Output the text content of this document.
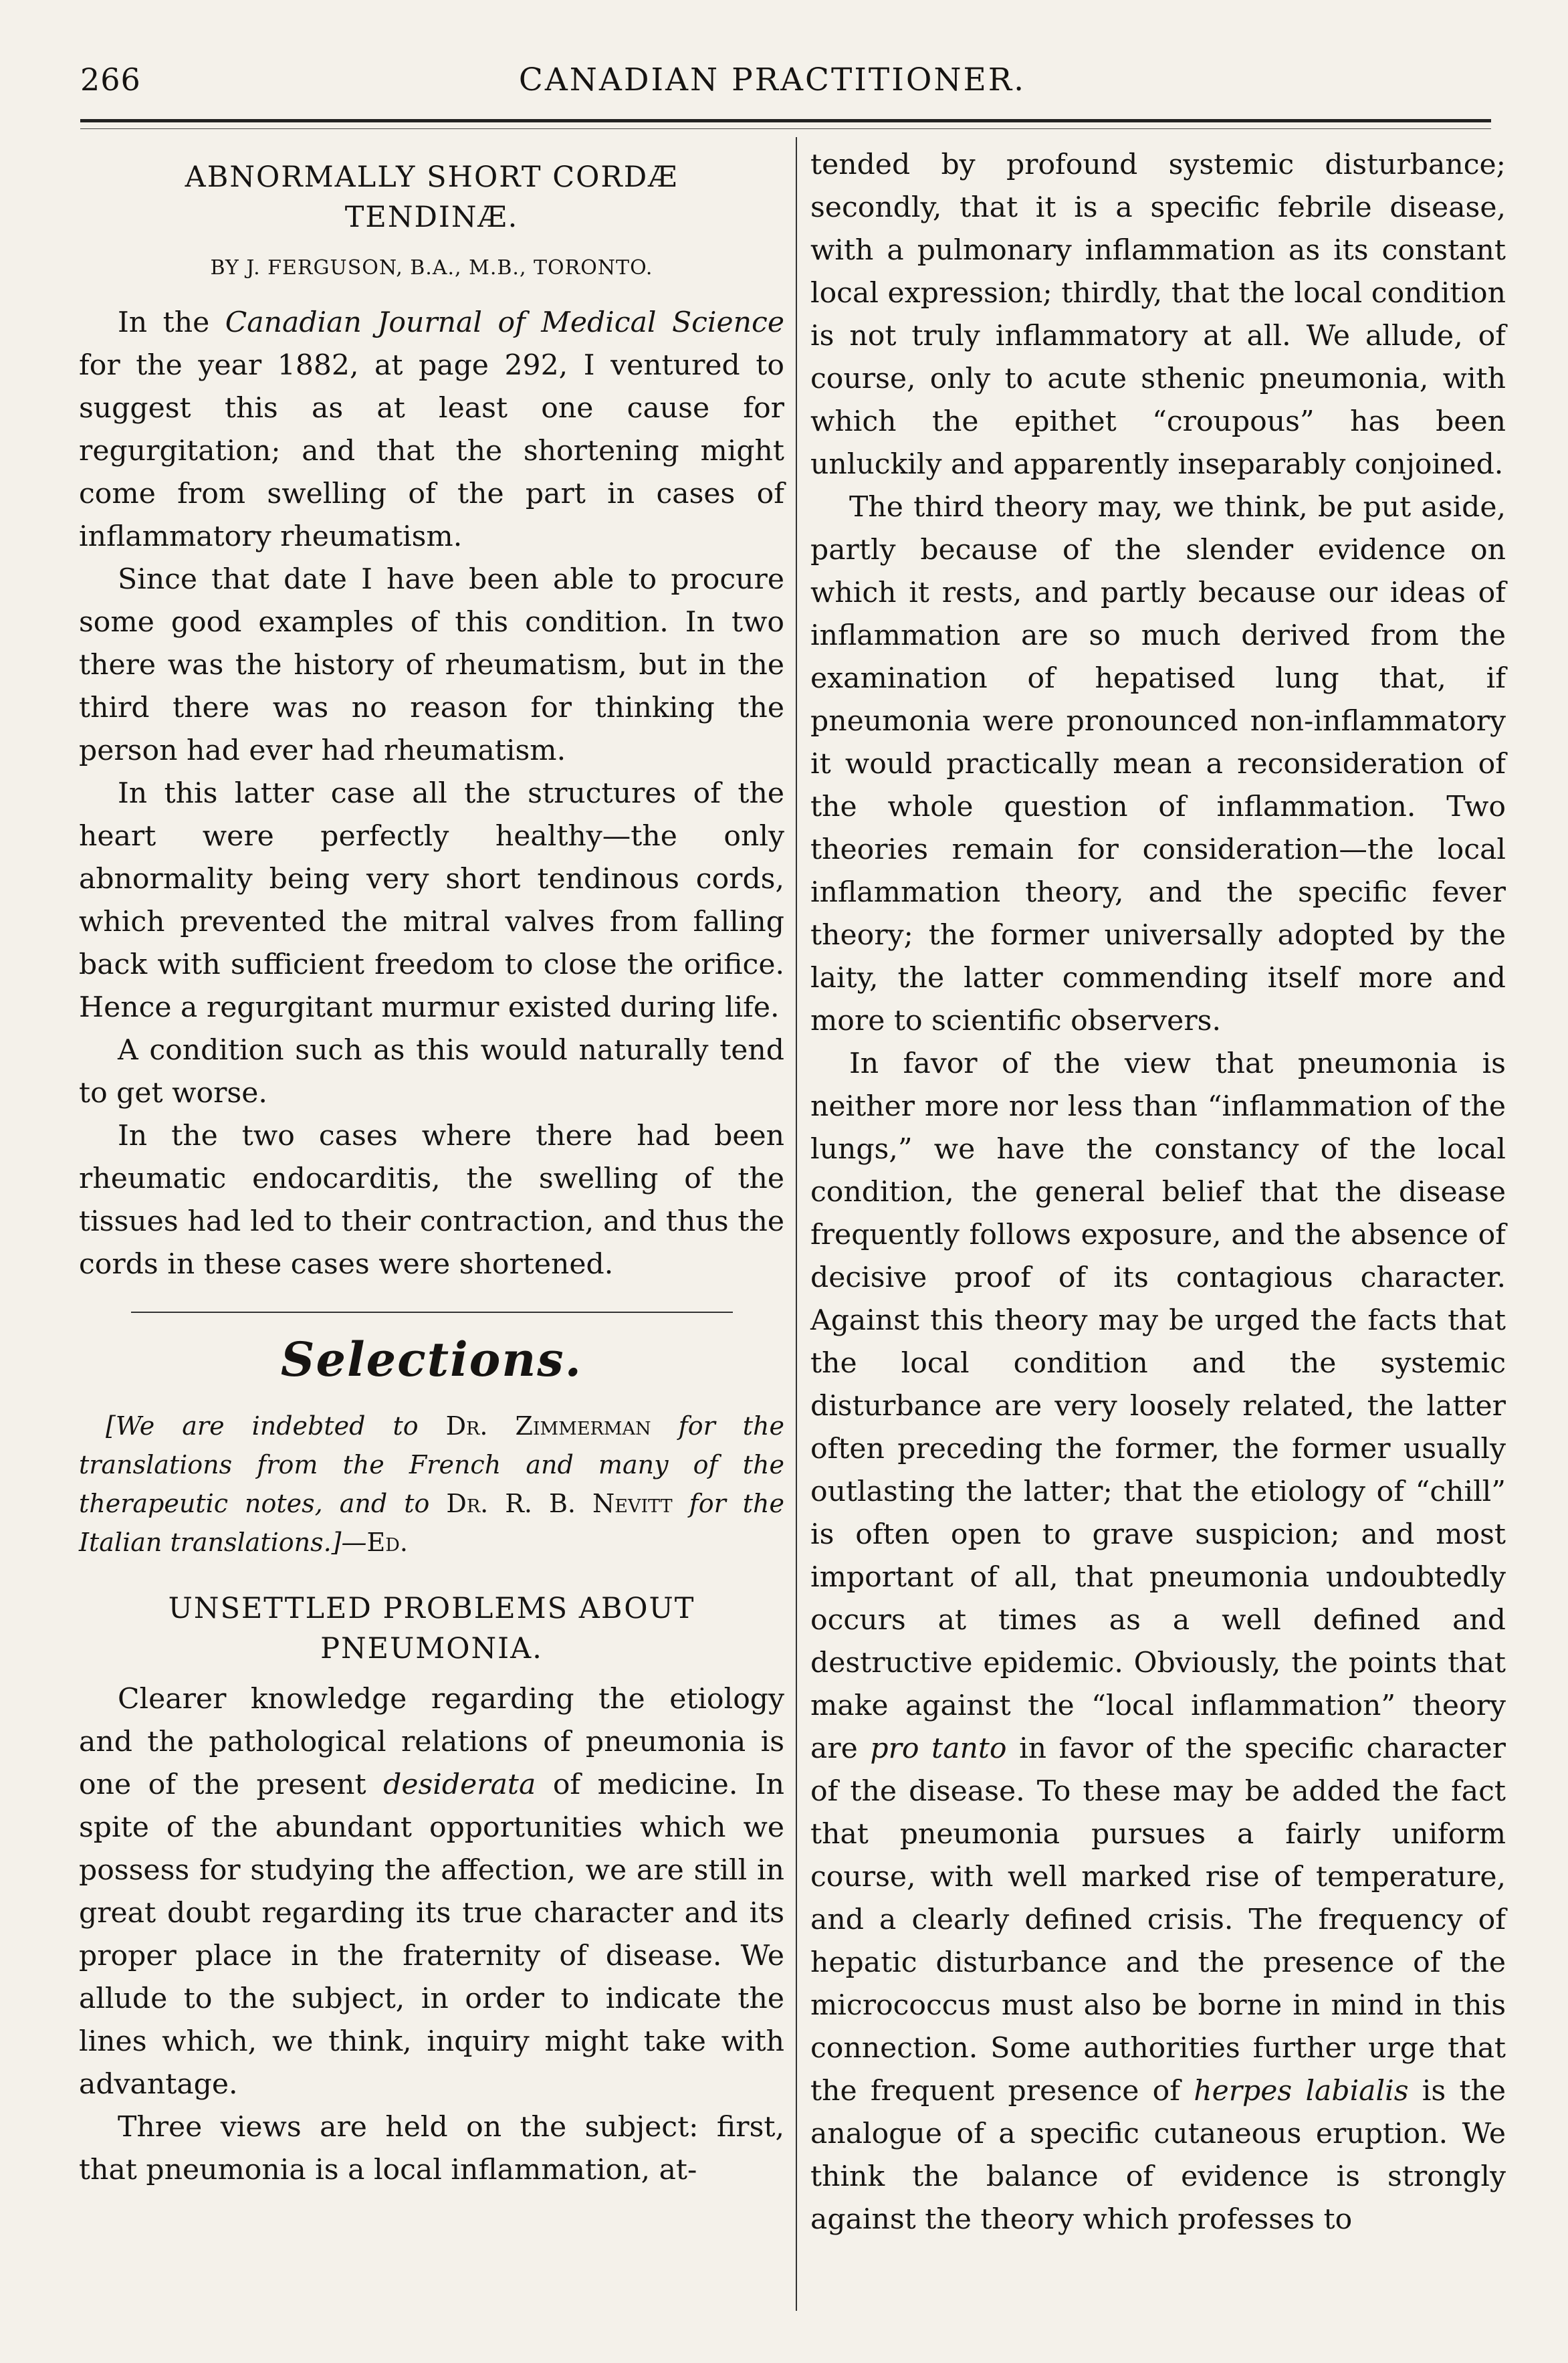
266	CANADIAN PRACTITIONER.
ABNORMALLY SHORT CORDÆ TENDINÆ.
BY J. FERGUSON, B.A., M.B., TORONTO.

In the Canadian Journal of Medical Science for the year 1882, at page 292, I ventured to suggest this as at least one cause for regurgitation; and that the shortening might come from swelling of the part in cases of inflammatory rheumatism.

Since that date I have been able to procure some good examples of this condition. In two there was the history of rheumatism, but in the third there was no reason for thinking the person had ever had rheumatism.

In this latter case all the structures of the heart were perfectly healthy—the only abnormality being very short tendinous cords, which prevented the mitral valves from falling back with sufficient freedom to close the orifice. Hence a regurgitant murmur existed during life.

A condition such as this would naturally tend to get worse.

In the two cases where there had been rheumatic endocarditis, the swelling of the tissues had led to their contraction, and thus the cords in these cases were shortened.

Selections.
[We are indebted to Dr. Zimmerman for the translations from the French and many of the therapeutic notes, and to Dr. R. B. Nevitt for the Italian translations.]—Ed.
UNSETTLED PROBLEMS ABOUT PNEUMONIA.

Clearer knowledge regarding the etiology and the pathological relations of pneumonia is one of the present desiderata of medicine. In spite of the abundant opportunities which we possess for studying the affection, we are still in great doubt regarding its true character and its proper place in the fraternity of disease. We allude to the subject, in order to indicate the lines which, we think, inquiry might take with advantage.

Three views are held on the subject: first, that pneumonia is a local inflammation, at-

tended by profound systemic disturbance; secondly, that it is a specific febrile disease, with a pulmonary inflammation as its constant local expression; thirdly, that the local condition is not truly inflammatory at all. We allude, of course, only to acute sthenic pneumonia, with which the epithet “croupous” has been unluckily and apparently inseparably conjoined.

The third theory may, we think, be put aside, partly because of the slender evidence on which it rests, and partly because our ideas of inflammation are so much derived from the examination of hepatised lung that, if pneumonia were pronounced non-inflammatory it would practically mean a reconsideration of the whole question of inflammation. Two theories remain for consideration—the local inflammation theory, and the specific fever theory; the former universally adopted by the laity, the latter commending itself more and more to scientific observers.

In favor of the view that pneumonia is neither more nor less than “inflammation of the lungs,” we have the constancy of the local condition, the general belief that the disease frequently follows exposure, and the absence of decisive proof of its contagious character. Against this theory may be urged the facts that the local condition and the systemic disturbance are very loosely related, the latter often preceding the former, the former usually outlasting the latter; that the etiology of “chill” is often open to grave suspicion; and most important of all, that pneumonia undoubtedly occurs at times as a well defined and destructive epidemic. Obviously, the points that make against the “local inflammation” theory are pro tanto in favor of the specific character of the disease. To these may be added the fact that pneumonia pursues a fairly uniform course, with well marked rise of temperature, and a clearly defined crisis. The frequency of hepatic disturbance and the presence of the micrococcus must also be borne in mind in this connection. Some authorities further urge that the frequent presence of herpes labialis is the analogue of a specific cutaneous eruption. We think the balance of evidence is strongly against the theory which professes to
